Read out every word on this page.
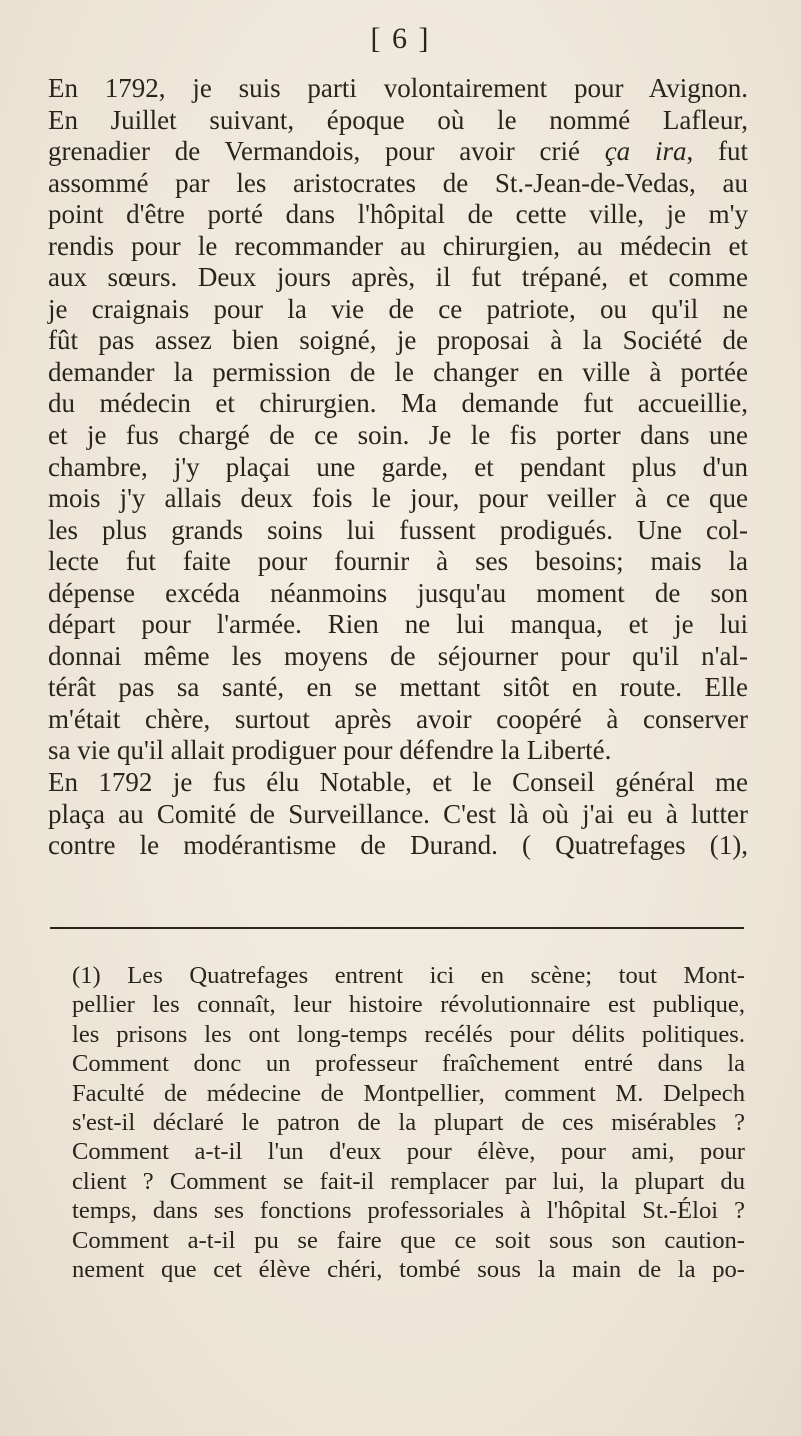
[ 6 ]
En 1792, je suis parti volontairement pour Avignon.
En Juillet suivant, époque où le nommé Lafleur,
grenadier de Vermandois, pour avoir crié ça ira, fut
assommé par les aristocrates de St.-Jean-de-Vedas, au
point d'être porté dans l'hôpital de cette ville, je m'y
rendis pour le recommander au chirurgien, au médecin et
aux sœurs. Deux jours après, il fut trépané, et comme
je craignais pour la vie de ce patriote, ou qu'il ne
fût pas assez bien soigné, je proposai à la Société de
demander la permission de le changer en ville à portée
du médecin et chirurgien. Ma demande fut accueillie,
et je fus chargé de ce soin. Je le fis porter dans une
chambre, j'y plaçai une garde, et pendant plus d'un
mois j'y allais deux fois le jour, pour veiller à ce que
les plus grands soins lui fussent prodigués. Une col-
lecte fut faite pour fournir à ses besoins; mais la
dépense excéda néanmoins jusqu'au moment de son
départ pour l'armée. Rien ne lui manqua, et je lui
donnai même les moyens de séjourner pour qu'il n'al-
térât pas sa santé, en se mettant sitôt en route. Elle
m'était chère, surtout après avoir coopéré à conserver
sa vie qu'il allait prodiguer pour défendre la Liberté.
En 1792 je fus élu Notable, et le Conseil général me
plaça au Comité de Surveillance. C'est là où j'ai eu à lutter
contre le modérantisme de Durand. ( Quatrefages (1),
(1) Les Quatrefages entrent ici en scène; tout Mont-
pellier les connaît, leur histoire révolutionnaire est publique,
les prisons les ont long-temps recélés pour délits politiques.
Comment donc un professeur fraîchement entré dans la
Faculté de médecine de Montpellier, comment M. Delpech
s'est-il déclaré le patron de la plupart de ces misérables ?
Comment a-t-il l'un d'eux pour élève, pour ami, pour
client ? Comment se fait-il remplacer par lui, la plupart du
temps, dans ses fonctions professoriales à l'hôpital St.-Éloi ?
Comment a-t-il pu se faire que ce soit sous son caution-
nement que cet élève chéri, tombé sous la main de la po-
